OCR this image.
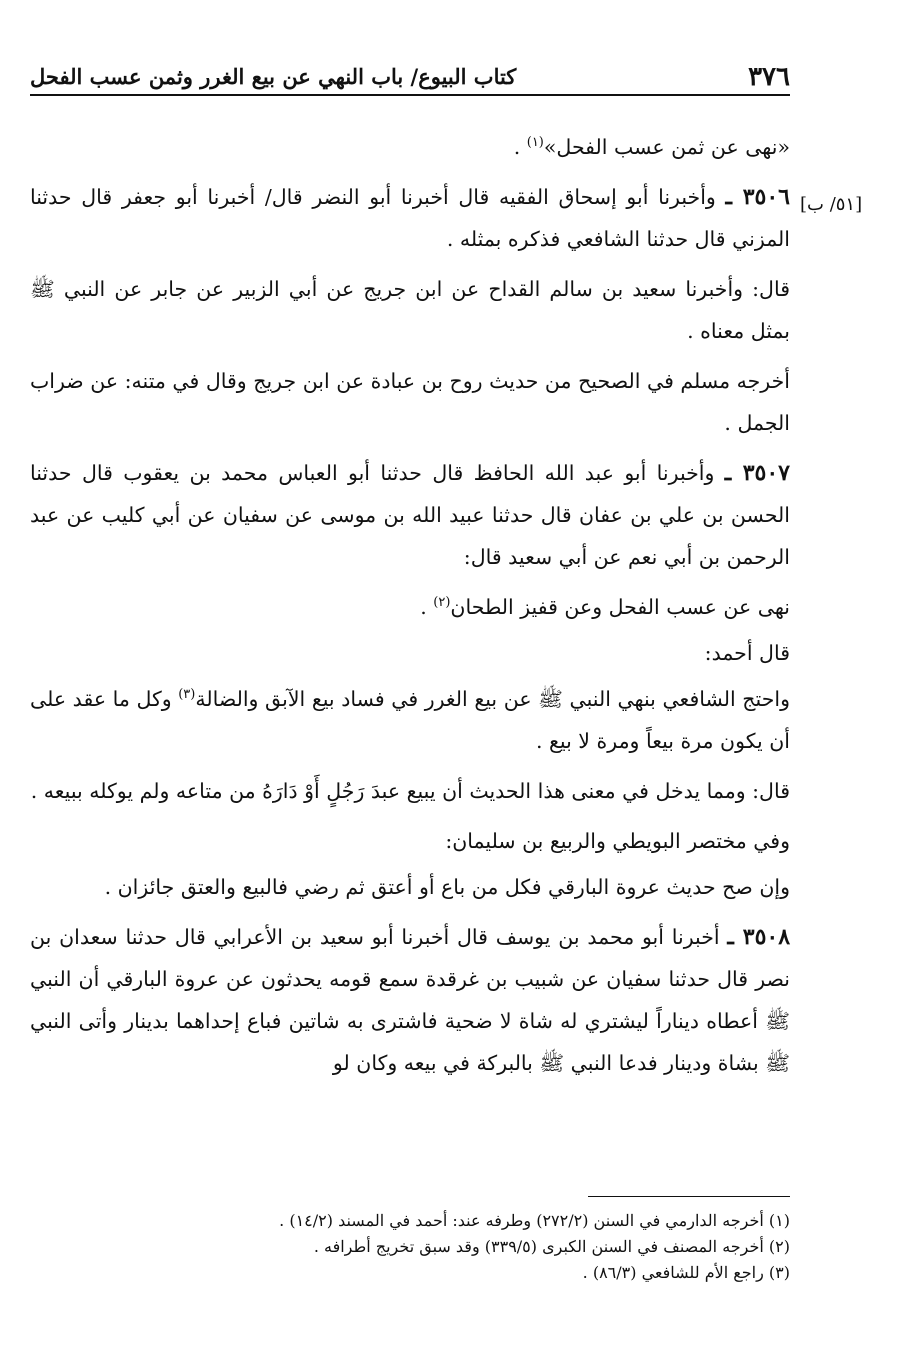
٣٧٦
كتاب البيوع/ باب النهي عن بيع الغرر وثمن عسب الفحل
[٥١/ ب]

«نهى عن ثمن عسب الفحل»$^{(١)}$ .

٣٥٠٦ ـ وأخبرنا أبو إسحاق الفقيه قال أخبرنا أبو النضر قال/ أخبرنا أبو جعفر قال حدثنا المزني قال حدثنا الشافعي فذكره بمثله .

قال: وأخبرنا سعيد بن سالم القداح عن ابن جريج عن أبي الزبير عن جابر عن النبي ﷺ بمثل معناه .

أخرجه مسلم في الصحيح من حديث روح بن عبادة عن ابن جريج وقال في متنه: عن ضراب الجمل .

٣٥٠٧ ـ وأخبرنا أبو عبد الله الحافظ قال حدثنا أبو العباس محمد بن يعقوب قال حدثنا الحسن بن علي بن عفان قال حدثنا عبيد الله بن موسى عن سفيان عن أبي كليب عن عبد الرحمن بن أبي نعم عن أبي سعيد قال:

نهى عن عسب الفحل وعن قفيز الطحان$^{(٢)}$ .

قال أحمد:

واحتج الشافعي بنهي النبي ﷺ عن بيع الغرر في فساد بيع الآبق والضالة$^{(٣)}$ وكل ما عقد على أن يكون مرة بيعاً ومرة لا بيع .

قال: ومما يدخل في معنى هذا الحديث أن يبيع عبدَ رَجُلٍ أَوْ دَارَهُ من متاعه ولم يوكله ببيعه .

وفي مختصر البويطي والربيع بن سليمان:

وإن صح حديث عروة البارقي فكل من باع أو أعتق ثم رضي فالبيع والعتق جائزان .

٣٥٠٨ ـ أخبرنا أبو محمد بن يوسف قال أخبرنا أبو سعيد بن الأعرابي قال حدثنا سعدان بن نصر قال حدثنا سفيان عن شبيب بن غرقدة سمع قومه يحدثون عن عروة البارقي أن النبي ﷺ أعطاه ديناراً ليشتري له شاة لا ضحية فاشترى به شاتين فباع إحداهما بدينار وأتى النبي ﷺ بشاة ودينار فدعا النبي ﷺ بالبركة في بيعه وكان لو

(١) أخرجه الدارمي في السنن (٢٧٢/٢) وطرفه عند: أحمد في المسند (١٤/٢) .
(٢) أخرجه المصنف في السنن الكبرى (٣٣٩/٥) وقد سبق تخريج أطرافه .
(٣) راجع الأم للشافعي (٨٦/٣) .
